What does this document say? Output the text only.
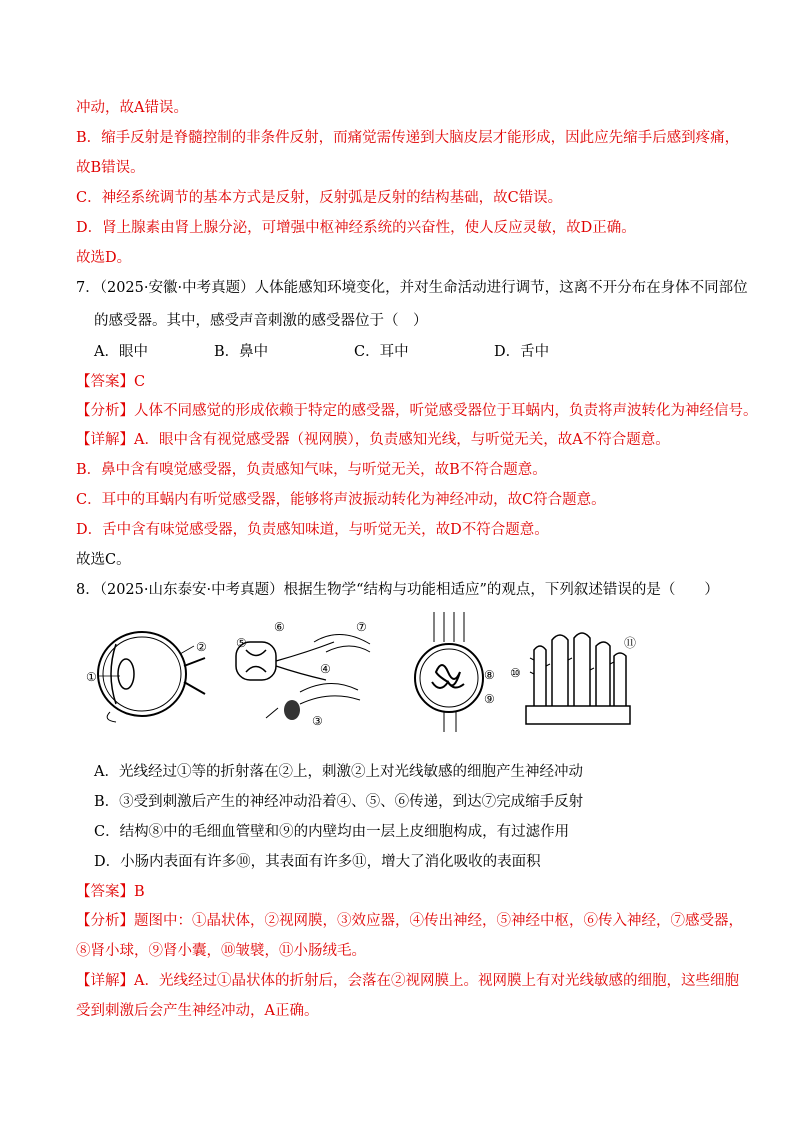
冲动，故A错误。
B．缩手反射是脊髓控制的非条件反射，而痛觉需传递到大脑皮层才能形成，因此应先缩手后感到疼痛，
故B错误。
C．神经系统调节的基本方式是反射，反射弧是反射的结构基础，故C错误。
D．肾上腺素由肾上腺分泌，可增强中枢神经系统的兴奋性，使人反应灵敏，故D正确。
故选D。
7．（2025·安徽·中考真题）人体能感知环境变化，并对生命活动进行调节，这离不开分布在身体不同部位
的感受器。其中，感受声音刺激的感受器位于（　）
A．眼中	B．鼻中	C．耳中	D．舌中
【答案】C
【分析】人体不同感觉的形成依赖于特定的感受器，听觉感受器位于耳蜗内，负责将声波转化为神经信号。
【详解】A．眼中含有视觉感受器（视网膜），负责感知光线，与听觉无关，故A不符合题意。
B．鼻中含有嗅觉感受器，负责感知气味，与听觉无关，故B不符合题意。
C．耳中的耳蜗内有听觉感受器，能够将声波振动转化为神经冲动，故C符合题意。
D．舌中含有味觉感受器，负责感知味道，与听觉无关，故D不符合题意。
故选C。
8．（2025·山东泰安·中考真题）根据生物学“结构与功能相适应”的观点，下列叙述错误的是（　　）
①
② ⑤
⑥	⑦
④
③
⑧
⑨
⑩
⑪
A．光线经过①等的折射落在②上，刺激②上对光线敏感的细胞产生神经冲动
B．③受到刺激后产生的神经冲动沿着④、⑤、⑥传递，到达⑦完成缩手反射
C．结构⑧中的毛细血管壁和⑨的内壁均由一层上皮细胞构成，有过滤作用
D．小肠内表面有许多⑩，其表面有许多⑪，增大了消化吸收的表面积
【答案】B
【分析】题图中：①晶状体，②视网膜，③效应器，④传出神经，⑤神经中枢，⑥传入神经，⑦感受器，
⑧肾小球，⑨肾小囊，⑩皱襞，⑪小肠绒毛。
【详解】A．光线经过①晶状体的折射后，会落在②视网膜上。视网膜上有对光线敏感的细胞，这些细胞
受到刺激后会产生神经冲动，A正确。
